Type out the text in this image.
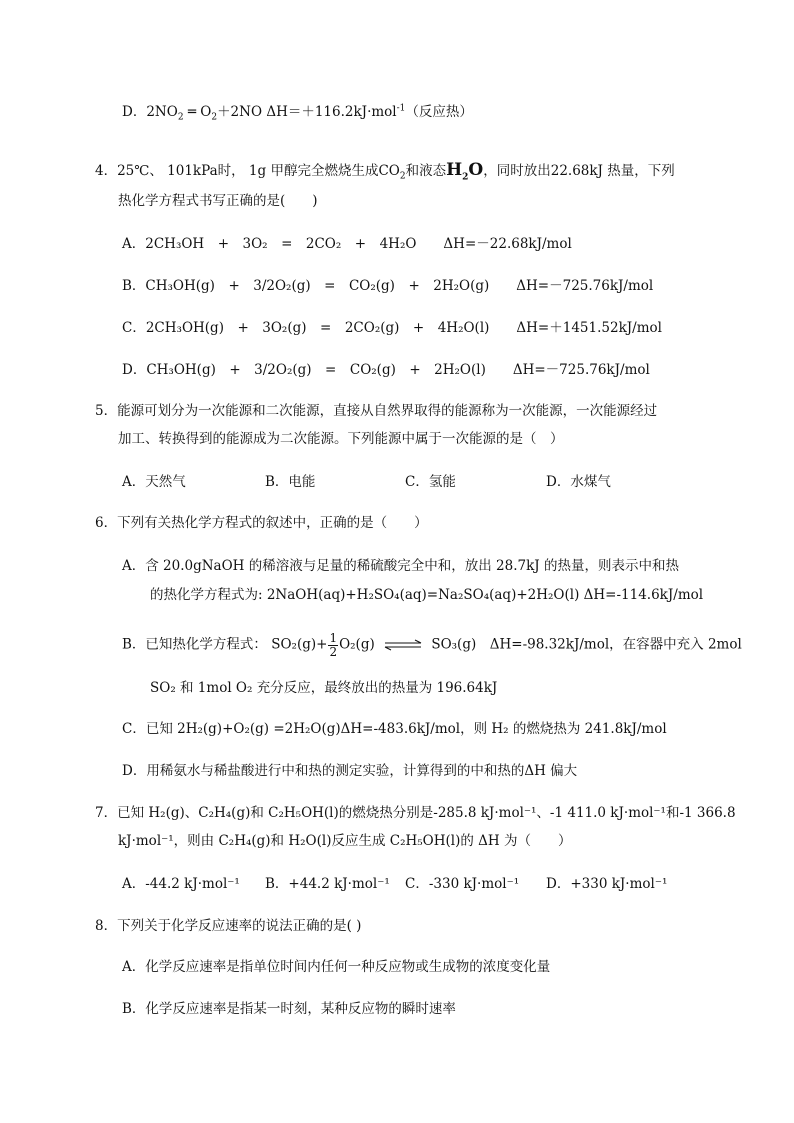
D．$2NO_2$ ═ $O_2+2NO$ ΔH＝＋116.2kJ·mol$^{-1}$（反应热）
4．25℃、 101kPa时， 1g 甲醇完全燃烧生成$CO_2$和液态$H_2O$，同时放出22.68kJ 热量，下列
热化学方程式书写正确的是(　　)
A．2CH₃OH　+　3O₂　=　2CO₂　+　4H₂O　　ΔH=－22.68kJ/mol
B．CH₃OH(g)　+　3/2O₂(g)　=　CO₂(g)　+　2H₂O(g)　　ΔH=－725.76kJ/mol
C．2CH₃OH(g)　+　3O₂(g)　=　2CO₂(g)　+　4H₂O(l)　　ΔH=＋1451.52kJ/mol
D．CH₃OH(g)　+　3/2O₂(g)　=　CO₂(g)　+　2H₂O(l)　　ΔH=－725.76kJ/mol
5．能源可划分为一次能源和二次能源，直接从自然界取得的能源称为一次能源，一次能源经过
加工、转换得到的能源成为二次能源。下列能源中属于一次能源的是（　）
A．天然气	B．电能	C．氢能	D．水煤气
6．下列有关热化学方程式的叙述中，正确的是（　　）
A．含 20.0gNaOH 的稀溶液与足量的稀硫酸完全中和，放出 28.7kJ 的热量，则表示中和热
的热化学方程式为: 2NaOH(aq)+H₂SO₄(aq)=Na₂SO₄(aq)+2H₂O(l) ΔH=-114.6kJ/mol
B．已知热化学方程式： $SO_2(g)+ \frac{1}{2} O_2(g)$ ⇌ SO₃(g)　ΔH=-98.32kJ/mol，在容器中充入 2mol
SO₂ 和 1mol O₂ 充分反应，最终放出的热量为 196.64kJ
C．已知 2H₂(g)+O₂(g) =2H₂O(g)ΔH=-483.6kJ/mol，则 H₂ 的燃烧热为 241.8kJ/mol
D．用稀氨水与稀盐酸进行中和热的测定实验，计算得到的中和热的ΔH 偏大
7．已知 H₂(g)、C₂H₄(g)和 C₂H₅OH(l)的燃烧热分别是-285.8 kJ·mol⁻¹、-1 411.0 kJ·mol⁻¹和-1 366.8
kJ·mol⁻¹，则由 C₂H₄(g)和 H₂O(l)反应生成 C₂H₅OH(l)的 ΔH 为（　　）
A．-44.2 kJ·mol⁻¹ B．+44.2 kJ·mol⁻¹ C．-330 kJ·mol⁻¹ D．+330 kJ·mol⁻¹
8．下列关于化学反应速率的说法正确的是( )
A．化学反应速率是指单位时间内任何一种反应物或生成物的浓度变化量
B．化学反应速率是指某一时刻，某种反应物的瞬时速率
